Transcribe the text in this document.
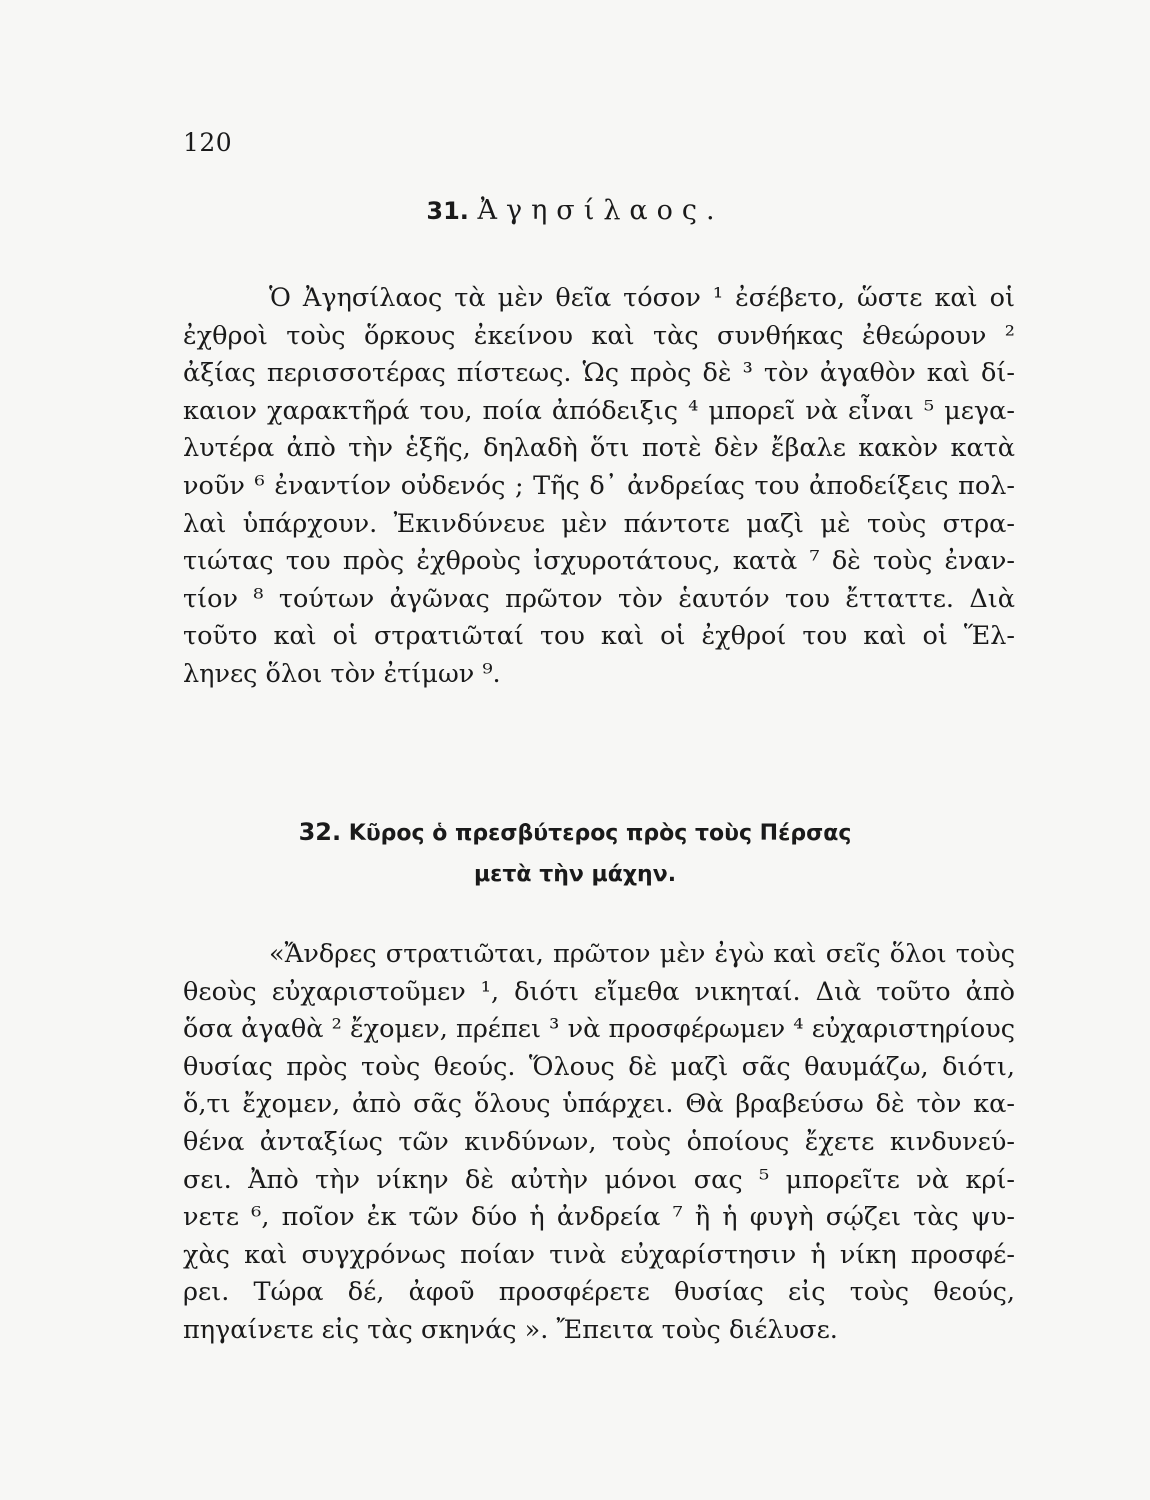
120
31. Ἀγησίλαος.
Ὁ Ἀγησίλαος τὰ μὲν θεῖα τόσον ¹ ἐσέβετο, ὥστε καὶ οἱ
ἐχθροὶ τοὺς ὅρκους ἐκείνου καὶ τὰς συνθήκας ἐθεώρουν ²
ἀξίας περισσοτέρας πίστεως. Ὡς πρὸς δὲ ³ τὸν ἀγαθὸν καὶ δί-
καιον χαρακτῆρά του, ποία ἀπόδειξις ⁴ μπορεῖ νὰ εἶναι ⁵ μεγα-
λυτέρα ἀπὸ τὴν ἑξῆς, δηλαδὴ ὅτι ποτὲ δὲν ἔβαλε κακὸν κατὰ
νοῦν ⁶ ἐναντίον οὐδενός ; Τῆς δ᾽ ἀνδρείας του ἀποδείξεις πολ-
λαὶ ὑπάρχουν. Ἐκινδύνευε μὲν πάντοτε μαζὶ μὲ τοὺς στρα-
τιώτας του πρὸς ἐχθροὺς ἰσχυροτάτους, κατὰ ⁷ δὲ τοὺς ἐναν-
τίον ⁸ τούτων ἀγῶνας πρῶτον τὸν ἑαυτόν του ἔτταττε. Διὰ
τοῦτο καὶ οἱ στρατιῶταί του καὶ οἱ ἐχθροί του καὶ οἱ Ἕλ-
ληνες ὅλοι τὸν ἐτίμων ⁹.
32. Κῦρος ὁ πρεσβύτερος πρὸς τοὺς Πέρσας
μετὰ τὴν μάχην.
«Ἄνδρες στρατιῶται, πρῶτον μὲν ἐγὼ καὶ σεῖς ὅλοι τοὺς
θεοὺς εὐχαριστοῦμεν ¹, διότι εἴμεθα νικηταί. Διὰ τοῦτο ἀπὸ
ὅσα ἀγαθὰ ² ἔχομεν, πρέπει ³ νὰ προσφέρωμεν ⁴ εὐχαριστηρίους
θυσίας πρὸς τοὺς θεούς. Ὅλους δὲ μαζὶ σᾶς θαυμάζω, διότι,
ὅ,τι ἔχομεν, ἀπὸ σᾶς ὅλους ὑπάρχει. Θὰ βραβεύσω δὲ τὸν κα-
θένα ἀνταξίως τῶν κινδύνων, τοὺς ὁποίους ἔχετε κινδυνεύ-
σει. Ἀπὸ τὴν νίκην δὲ αὐτὴν μόνοι σας ⁵ μπορεῖτε νὰ κρί-
νετε ⁶, ποῖον ἐκ τῶν δύο ἡ ἀνδρεία ⁷ ἢ ἡ φυγὴ σῴζει τὰς ψυ-
χὰς καὶ συγχρόνως ποίαν τινὰ εὐχαρίστησιν ἡ νίκη προσφέ-
ρει. Τώρα δέ, ἀφοῦ προσφέρετε θυσίας εἰς τοὺς θεούς,
πηγαίνετε εἰς τὰς σκηνάς ». Ἔπειτα τοὺς διέλυσε.
